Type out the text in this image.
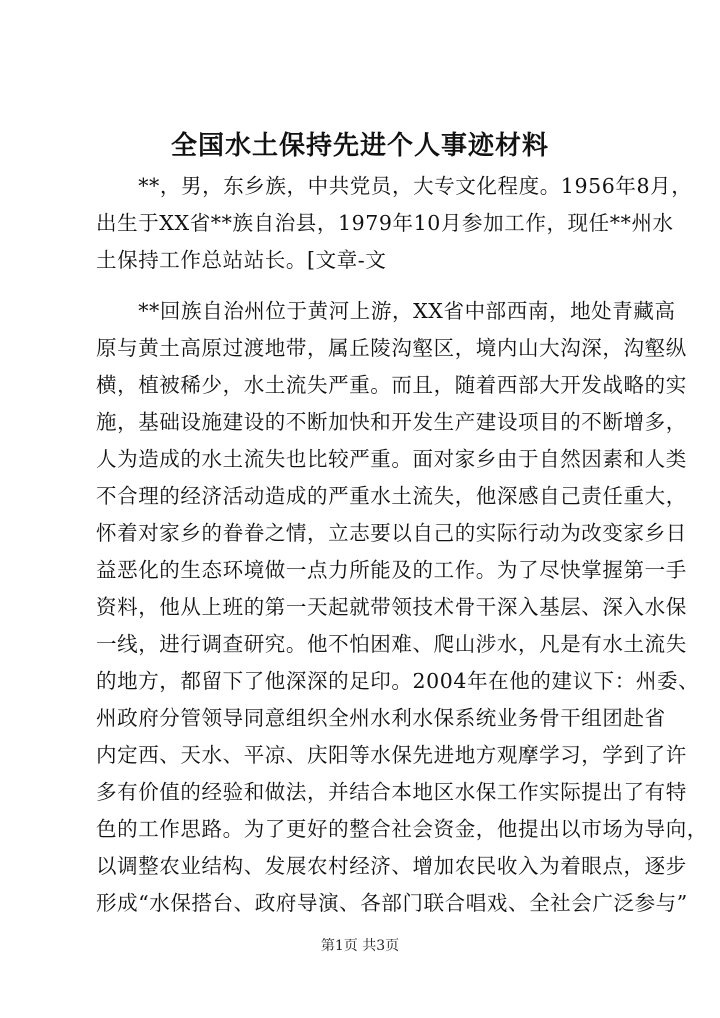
全国水土保持先进个人事迹材料
　　**，男，东乡族，中共党员，大专文化程度。1956年8月，
出生于XX省**族自治县，1979年10月参加工作，现任**州水
土保持工作总站站长。[文章-文
　　**回族自治州位于黄河上游，XX省中部西南，地处青藏高
原与黄土高原过渡地带，属丘陵沟壑区，境内山大沟深，沟壑纵
横，植被稀少，水土流失严重。而且，随着西部大开发战略的实
施，基础设施建设的不断加快和开发生产建设项目的不断增多，
人为造成的水土流失也比较严重。面对家乡由于自然因素和人类
不合理的经济活动造成的严重水土流失，他深感自己责任重大，
怀着对家乡的眷眷之情，立志要以自己的实际行动为改变家乡日
益恶化的生态环境做一点力所能及的工作。为了尽快掌握第一手
资料，他从上班的第一天起就带领技术骨干深入基层、深入水保
一线，进行调查研究。他不怕困难、爬山涉水，凡是有水土流失
的地方，都留下了他深深的足印。2004年在他的建议下：州委、
州政府分管领导同意组织全州水利水保系统业务骨干组团赴省
内定西、天水、平凉、庆阳等水保先进地方观摩学习，学到了许
多有价值的经验和做法，并结合本地区水保工作实际提出了有特
色的工作思路。为了更好的整合社会资金，他提出以市场为导向，
以调整农业结构、发展农村经济、增加农民收入为着眼点，逐步
形成“水保搭台、政府导演、各部门联合唱戏、全社会广泛参与”
第1页 共3页
